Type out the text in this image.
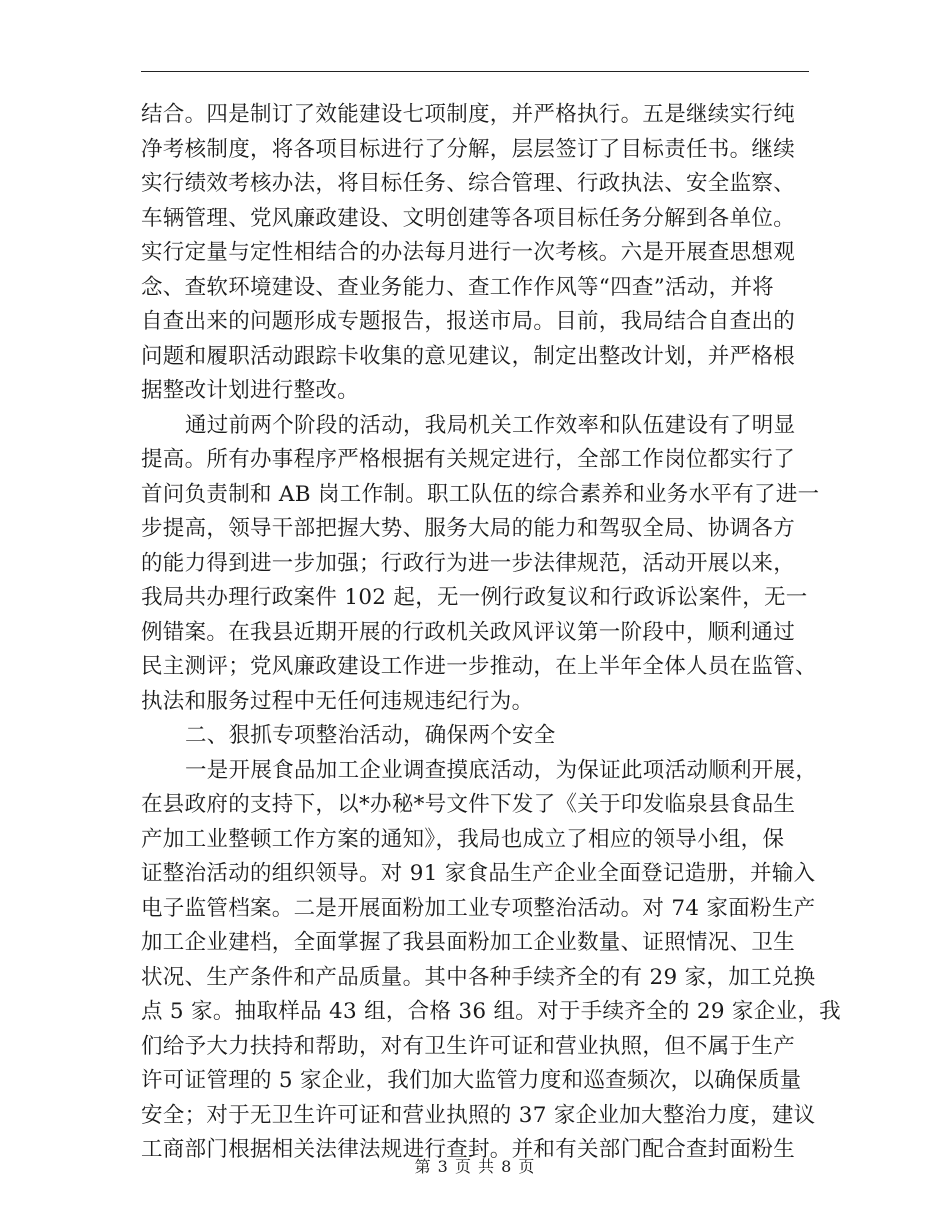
结合。四是制订了效能建设七项制度，并严格执行。五是继续实行纯
净考核制度，将各项目标进行了分解，层层签订了目标责任书。继续
实行绩效考核办法，将目标任务、综合管理、行政执法、安全监察、
车辆管理、党风廉政建设、文明创建等各项目标任务分解到各单位。
实行定量与定性相结合的办法每月进行一次考核。六是开展查思想观
念、查软环境建设、查业务能力、查工作作风等“四查”活动，并将
自查出来的问题形成专题报告，报送市局。目前，我局结合自查出的
问题和履职活动跟踪卡收集的意见建议，制定出整改计划，并严格根
据整改计划进行整改。
通过前两个阶段的活动，我局机关工作效率和队伍建设有了明显
提高。所有办事程序严格根据有关规定进行，全部工作岗位都实行了
首问负责制和 AB 岗工作制。职工队伍的综合素养和业务水平有了进一
步提高，领导干部把握大势、服务大局的能力和驾驭全局、协调各方
的能力得到进一步加强；行政行为进一步法律规范，活动开展以来，
我局共办理行政案件 102 起，无一例行政复议和行政诉讼案件，无一
例错案。在我县近期开展的行政机关政风评议第一阶段中，顺利通过
民主测评；党风廉政建设工作进一步推动，在上半年全体人员在监管、
执法和服务过程中无任何违规违纪行为。
二、狠抓专项整治活动，确保两个安全
一是开展食品加工企业调查摸底活动，为保证此项活动顺利开展，
在县政府的支持下，以*办秘*号文件下发了《关于印发临泉县食品生
产加工业整顿工作方案的通知》，我局也成立了相应的领导小组，保
证整治活动的组织领导。对 91 家食品生产企业全面登记造册，并输入
电子监管档案。二是开展面粉加工业专项整治活动。对 74 家面粉生产
加工企业建档，全面掌握了我县面粉加工企业数量、证照情况、卫生
状况、生产条件和产品质量。其中各种手续齐全的有 29 家，加工兑换
点 5 家。抽取样品 43 组，合格 36 组。对于手续齐全的 29 家企业，我
们给予大力扶持和帮助，对有卫生许可证和营业执照，但不属于生产
许可证管理的 5 家企业，我们加大监管力度和巡查频次，以确保质量
安全；对于无卫生许可证和营业执照的 37 家企业加大整治力度，建议
工商部门根据相关法律法规进行查封。并和有关部门配合查封面粉生
第 3 页 共 8 页
